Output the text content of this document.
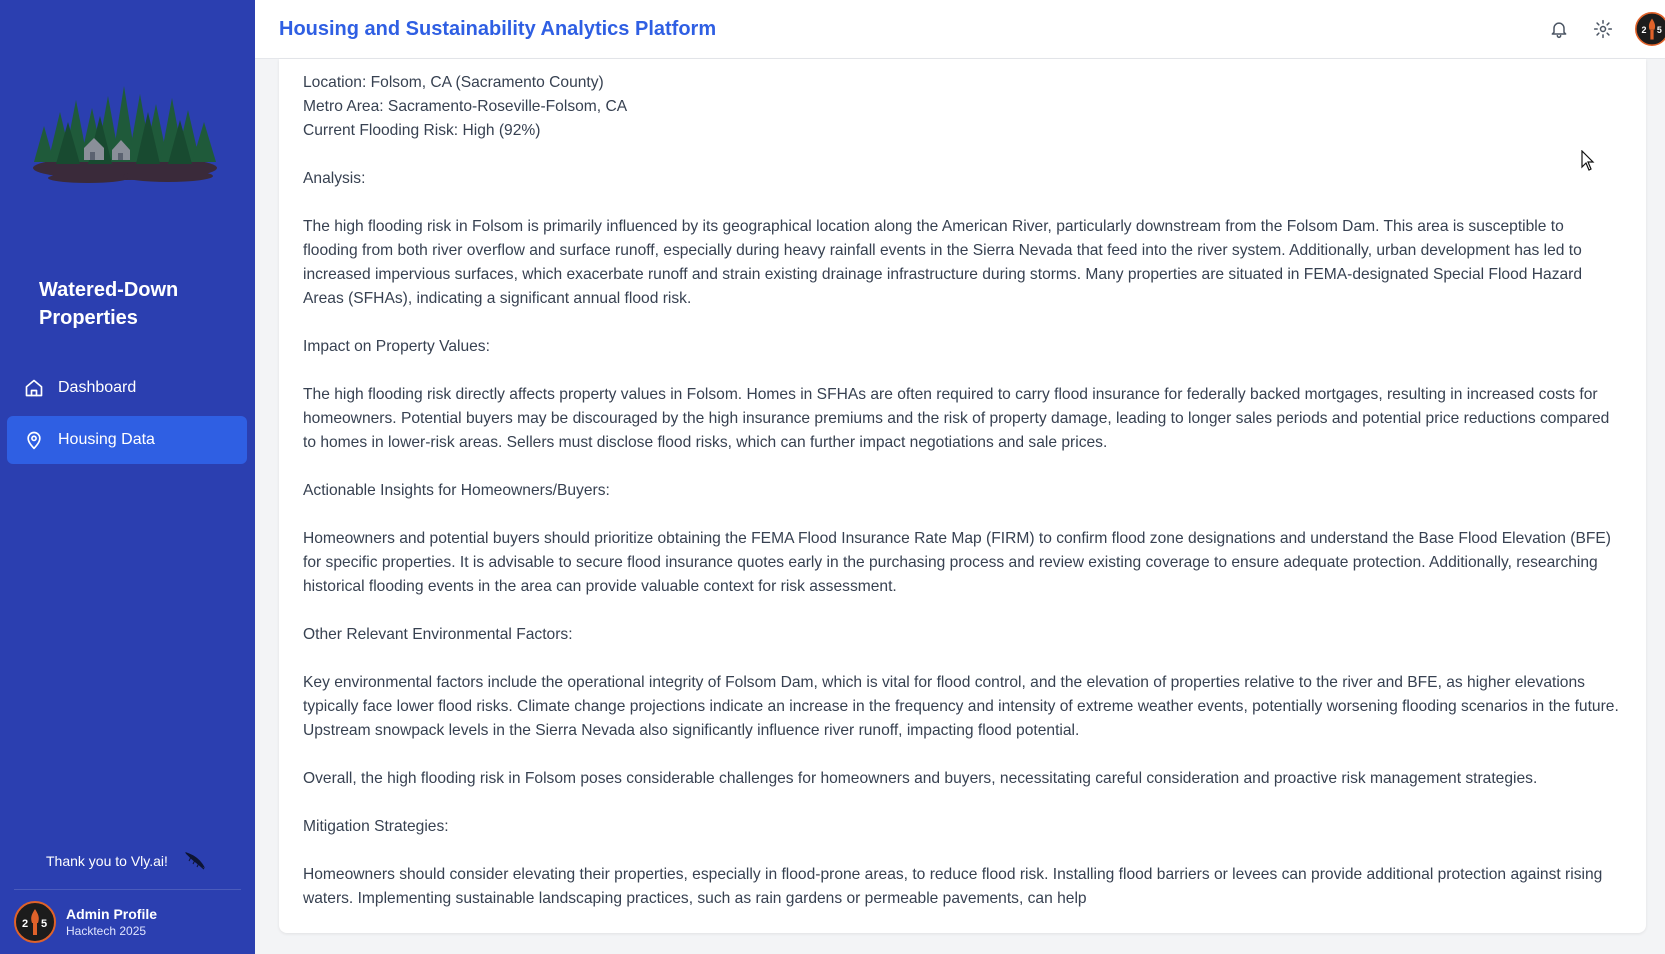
Watered-Down Properties
Dashboard
Housing Data
Thank you to Vly.ai!
2 5
Admin Profile
Hacktech 2025
Housing and Sustainability Analytics Platform	2 5

Location: Folsom, CA (Sacramento County)

Metro Area: Sacramento-Roseville-Folsom, CA

Current Flooding Risk: High (92%)

Analysis:

The high flooding risk in Folsom is primarily influenced by its geographical location along the American River, particularly downstream from the Folsom Dam. This area is susceptible to flooding from both river overflow and surface runoff, especially during heavy rainfall events in the Sierra Nevada that feed into the river system. Additionally, urban development has led to increased impervious surfaces, which exacerbate runoff and strain existing drainage infrastructure during storms. Many properties are situated in FEMA-designated Special Flood Hazard Areas (SFHAs), indicating a significant annual flood risk.

Impact on Property Values:

The high flooding risk directly affects property values in Folsom. Homes in SFHAs are often required to carry flood insurance for federally backed mortgages, resulting in increased costs for homeowners. Potential buyers may be discouraged by the high insurance premiums and the risk of property damage, leading to longer sales periods and potential price reductions compared to homes in lower-risk areas. Sellers must disclose flood risks, which can further impact negotiations and sale prices.

Actionable Insights for Homeowners/Buyers:

Homeowners and potential buyers should prioritize obtaining the FEMA Flood Insurance Rate Map (FIRM) to confirm flood zone designations and understand the Base Flood Elevation (BFE) for specific properties. It is advisable to secure flood insurance quotes early in the purchasing process and review existing coverage to ensure adequate protection. Additionally, researching historical flooding events in the area can provide valuable context for risk assessment.

Other Relevant Environmental Factors:

Key environmental factors include the operational integrity of Folsom Dam, which is vital for flood control, and the elevation of properties relative to the river and BFE, as higher elevations typically face lower flood risks. Climate change projections indicate an increase in the frequency and intensity of extreme weather events, potentially worsening flooding scenarios in the future. Upstream snowpack levels in the Sierra Nevada also significantly influence river runoff, impacting flood potential.

Overall, the high flooding risk in Folsom poses considerable challenges for homeowners and buyers, necessitating careful consideration and proactive risk management strategies.

Mitigation Strategies:

Homeowners should consider elevating their properties, especially in flood-prone areas, to reduce flood risk. Installing flood barriers or levees can provide additional protection against rising waters. Implementing sustainable landscaping practices, such as rain gardens or permeable pavements, can help
